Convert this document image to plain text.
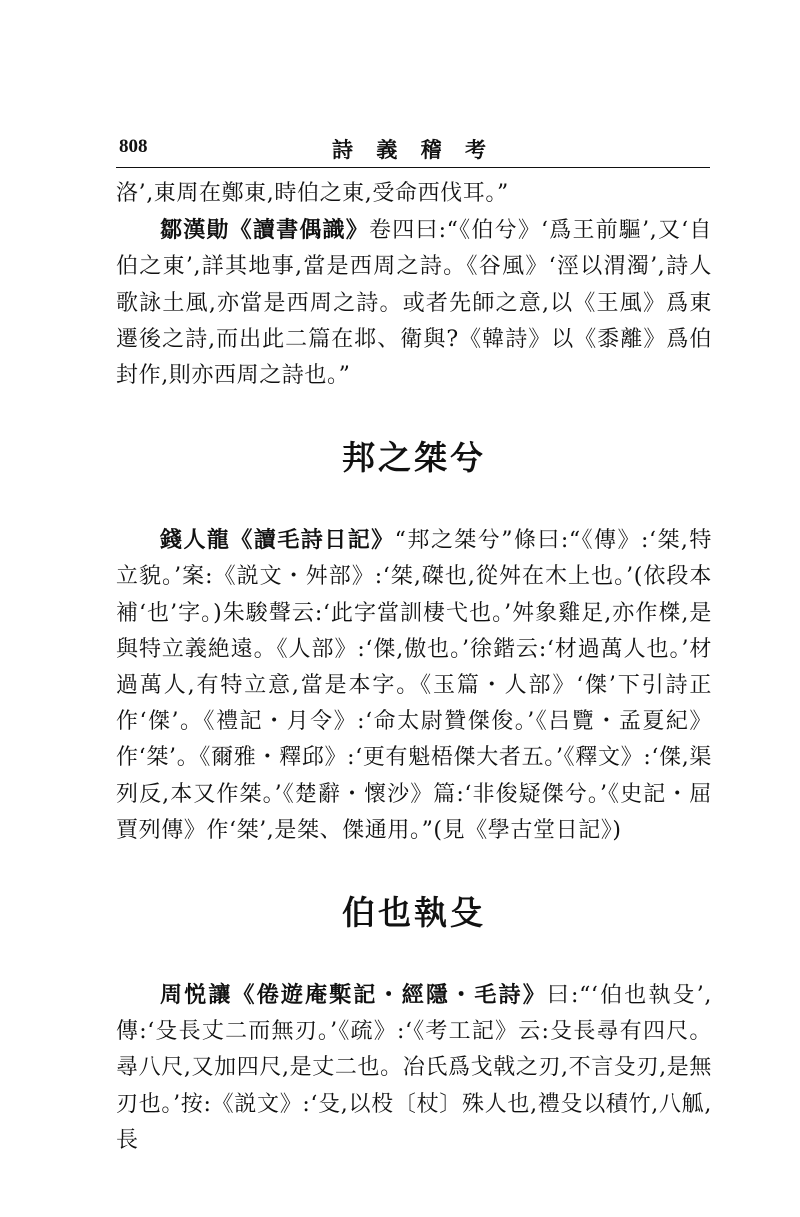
808	詩 義 稽 考

洛’,東周在鄭東,時伯之東,受命西伐耳。”

鄒漢勛《讀書偶識》卷四曰:“《伯兮》‘爲王前驅’,又‘自伯之東’,詳其地事,當是西周之詩。《谷風》‘涇以渭濁’,詩人歌詠土風,亦當是西周之詩。或者先師之意,以《王風》爲東遷後之詩,而出此二篇在邶、衛與?《韓詩》以《黍離》爲伯封作,則亦西周之詩也。”

邦之桀兮

錢人龍《讀毛詩日記》“邦之桀兮”條曰:“《傳》:‘桀,特立貌。’案:《説文・舛部》:‘桀,磔也,從舛在木上也。’(依段本補‘也’字。)朱駿聲云:‘此字當訓棲弋也。’舛象雞足,亦作榤,是與特立義絶遠。《人部》:‘傑,傲也。’徐鍇云:‘材過萬人也。’材過萬人,有特立意,當是本字。《玉篇・人部》‘傑’下引詩正作‘傑’。《禮記・月令》:‘命太尉贊傑俊。’《吕覽・孟夏紀》作‘桀’。《爾雅・釋邱》:‘更有魁梧傑大者五。’《釋文》:‘傑,渠列反,本又作桀。’《楚辭・懷沙》篇:‘非俊疑傑兮。’《史記・屈賈列傳》作‘桀’,是桀、傑通用。”(見《學古堂日記》)

伯也執殳

周悦讓《倦遊庵槧記・經隱・毛詩》曰:“‘伯也執殳’,傳:‘殳長丈二而無刃。’《疏》:‘《考工記》云:殳長尋有四尺。尋八尺,又加四尺,是丈二也。冶氏爲戈戟之刃,不言殳刃,是無刃也。’按:《説文》:‘殳,以杸〔杖〕殊人也,禮殳以積竹,八觚,長
